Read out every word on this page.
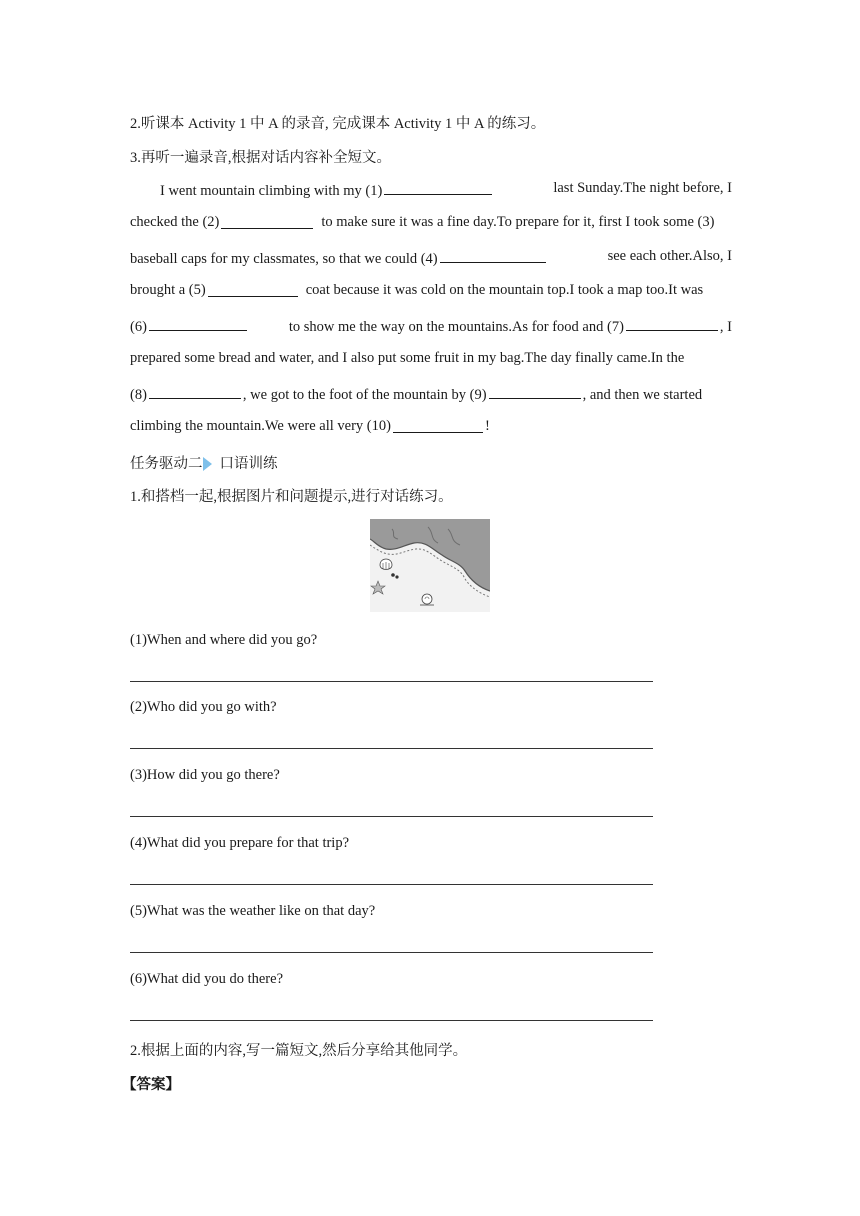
2.听课本 Activity 1 中 A 的录音, 完成课本 Activity 1 中 A 的练习。
3.再听一遍录音,根据对话内容补全短文。
I went mountain climbing with my (1)	last Sunday.The night before, I
checked the (2)	to make sure it was a fine day.To prepare for it, first I took some (3)
baseball caps for my classmates, so that we could (4)	see each other.Also, I
brought a (5)	coat because it was cold on the mountain top.I took a map too.It was
(6)	to show me the way on the mountains.As for food and (7)	, I
prepared some bread and water, and I also put some fruit in my bag.The day finally came.In the
(8)	, we got to the foot of the mountain by (9)	, and then we started
climbing the mountain.We were all very (10)	!
任务驱动二 口语训练
1.和搭档一起,根据图片和问题提示,进行对话练习。
(1)When and where did you go?
(2)Who did you go with?
(3)How did you go there?
(4)What did you prepare for that trip?
(5)What was the weather like on that day?
(6)What did you do there?
2.根据上面的内容,写一篇短文,然后分享给其他同学。
【答案】
